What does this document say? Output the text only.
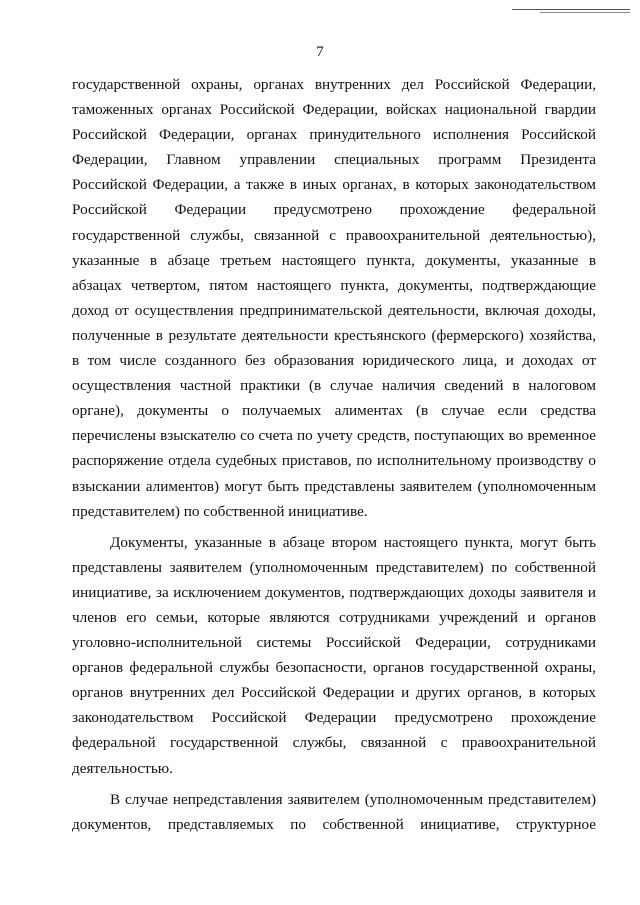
7

государственной охраны, органах внутренних дел Российской Федерации,

таможенных органах Российской Федерации, войсках национальной гвардии

Российской Федерации, органах принудительного исполнения Российской

Федерации, Главном управлении специальных программ Президента

Российской Федерации, а также в иных органах, в которых законодательством

Российской Федерации предусмотрено прохождение федеральной

государственной службы, связанной с правоохранительной деятельностью),

указанные в абзаце третьем настоящего пункта, документы, указанные в

абзацах четвертом, пятом настоящего пункта, документы, подтверждающие

доход от осуществления предпринимательской деятельности, включая доходы,

полученные в результате деятельности крестьянского (фермерского) хозяйства,

в том числе созданного без образования юридического лица, и доходах от

осуществления частной практики (в случае наличия сведений в налоговом

органе), документы о получаемых алиментах (в случае если средства

перечислены взыскателю со счета по учету средств, поступающих во временное

распоряжение отдела судебных приставов, по исполнительному производству о

взыскании алиментов) могут быть представлены заявителем (уполномоченным

представителем) по собственной инициативе.

Документы, указанные в абзаце втором настоящего пункта, могут быть

представлены заявителем (уполномоченным представителем) по собственной

инициативе, за исключением документов, подтверждающих доходы заявителя и

членов его семьи, которые являются сотрудниками учреждений и органов

уголовно-исполнительной системы Российской Федерации, сотрудниками

органов федеральной службы безопасности, органов государственной охраны,

органов внутренних дел Российской Федерации и других органов, в которых

законодательством Российской Федерации предусмотрено прохождение

федеральной государственной службы, связанной с правоохранительной

деятельностью.

В случае непредставления заявителем (уполномоченным представителем)

документов, представляемых по собственной инициативе, структурное
